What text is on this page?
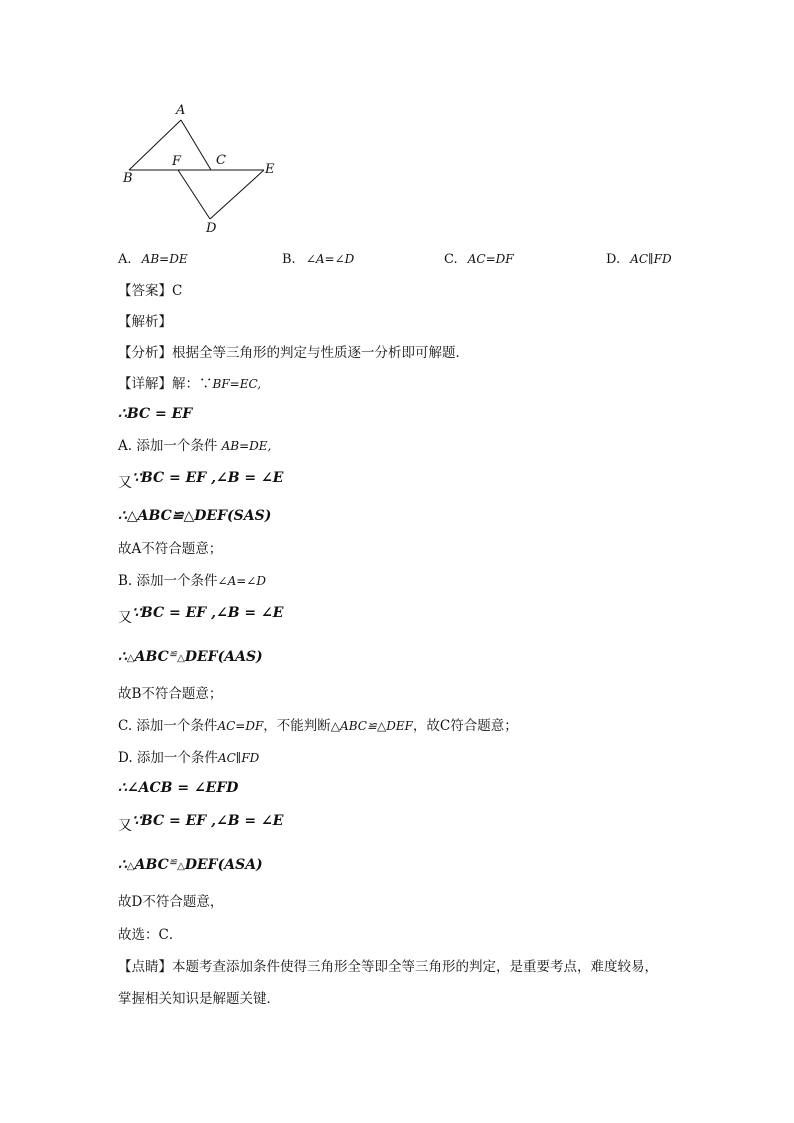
A
B
F	C
E
D
A. AB=DE	B. ∠A=∠D	C. AC=DF	D. AC∥FD
【答案】C
【解析】
【分析】根据全等三角形的判定与性质逐一分析即可解题．
【详解】解：∵BF=EC,
∴BC = EF
A. 添加一个条件 AB=DE,
又∵BC = EF ,∠B = ∠E
∴△ABC≌△DEF(SAS)
故A不符合题意；
B. 添加一个条件∠A=∠D
又∵BC = EF ,∠B = ∠E
∴△ABC≌△DEF(AAS)
故B不符合题意；
C. 添加一个条件AC=DF，不能判断△ABC≌△DEF，故C符合题意；
D. 添加一个条件AC∥FD
∴∠ACB = ∠EFD
又∵BC = EF ,∠B = ∠E
∴△ABC≌△DEF(ASA)
故D不符合题意，
故选：C．
【点睛】本题考查添加条件使得三角形全等即全等三角形的判定，是重要考点，难度较易，
掌握相关知识是解题关键．
